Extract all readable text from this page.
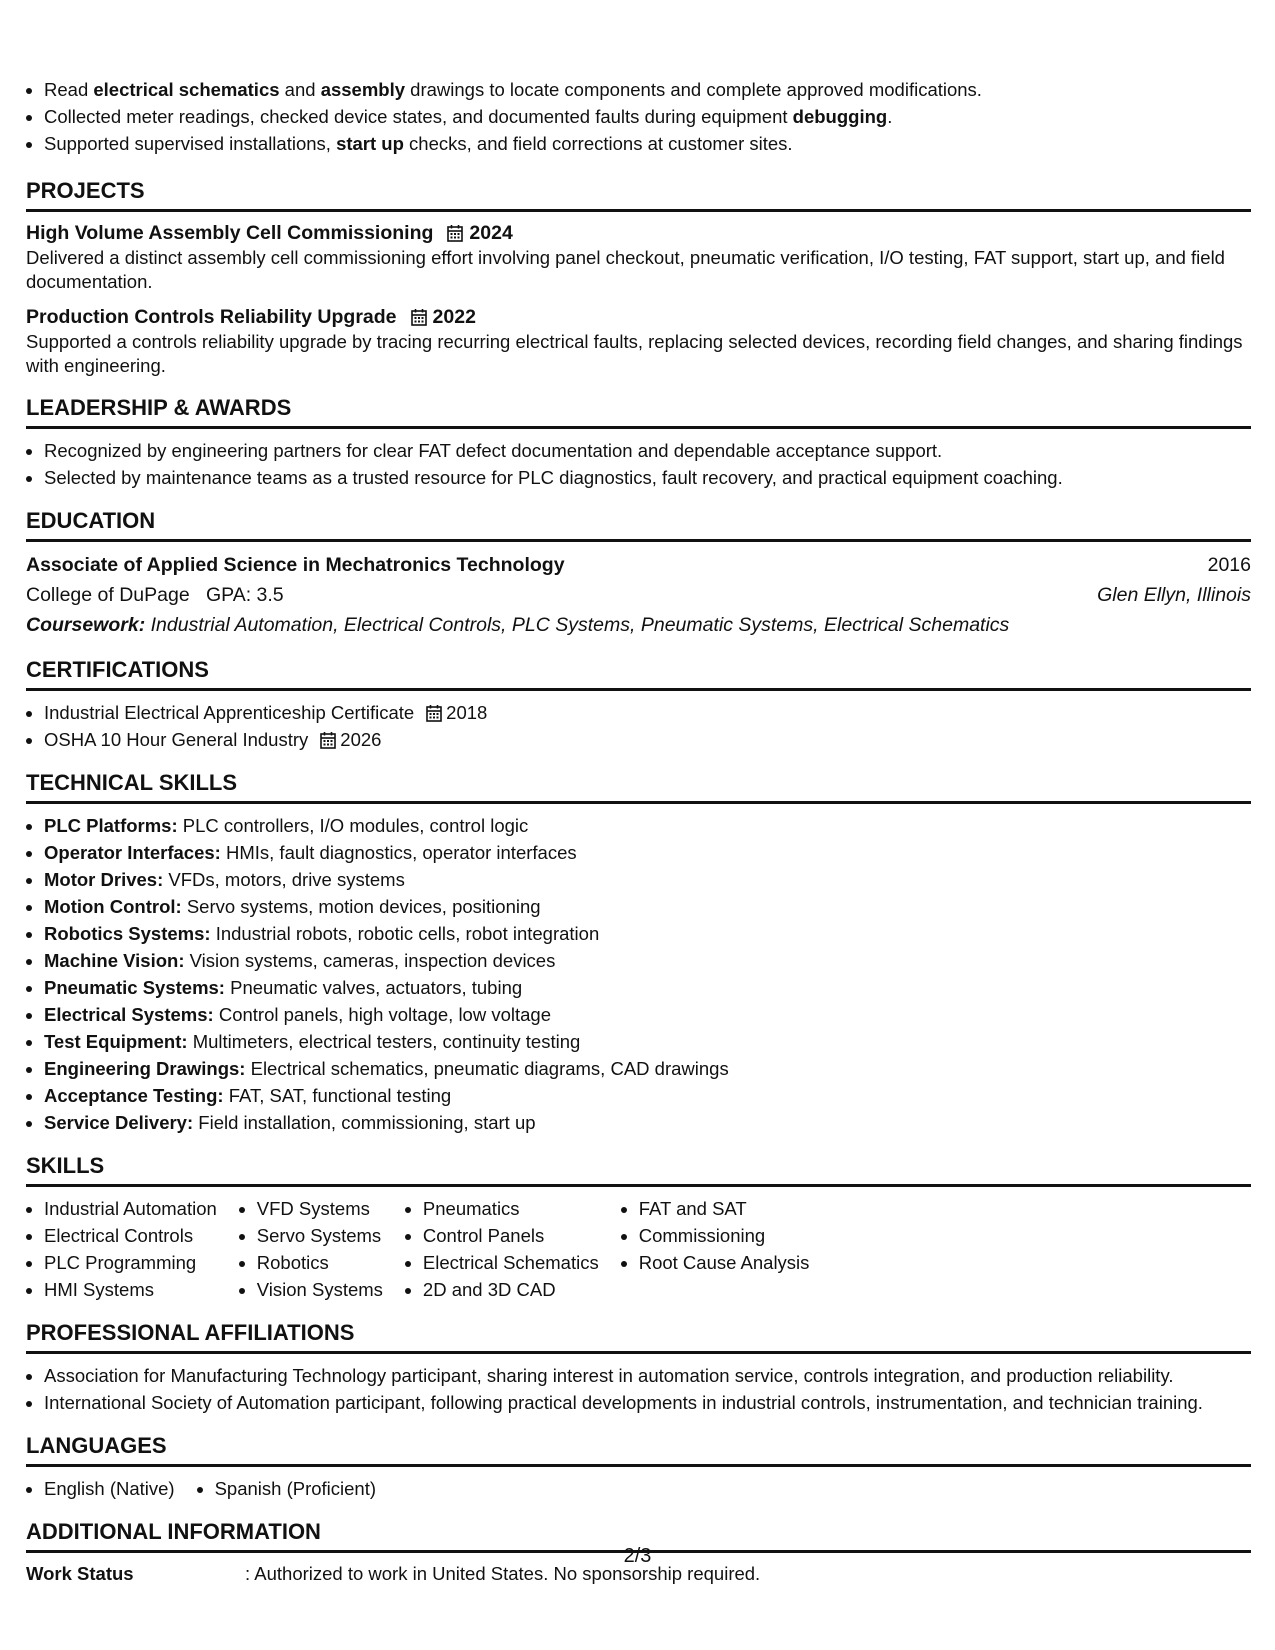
• Read electrical schematics and assembly drawings to locate components and complete approved modifications.
• Collected meter readings, checked device states, and documented faults during equipment debugging.
• Supported supervised installations, start up checks, and field corrections at customer sites.
PROJECTS
High Volume Assembly Cell Commissioning 2024
Delivered a distinct assembly cell commissioning effort involving panel checkout, pneumatic verification, I/O testing, FAT support, start up, and field documentation.
Production Controls Reliability Upgrade 2022
Supported a controls reliability upgrade by tracing recurring electrical faults, replacing selected devices, recording field changes, and sharing findings with engineering.
LEADERSHIP & AWARDS
• Recognized by engineering partners for clear FAT defect documentation and dependable acceptance support.
• Selected by maintenance teams as a trusted resource for PLC diagnostics, fault recovery, and practical equipment coaching.
EDUCATION
Associate of Applied Science in Mechatronics Technology	2016
College of DuPage GPA: 3.5	Glen Ellyn, Illinois
Coursework:
Industrial Automation, Electrical Controls, PLC Systems, Pneumatic Systems, Electrical Schematics
CERTIFICATIONS
• Industrial Electrical Apprenticeship Certificate 2018
• OSHA 10 Hour General Industry 2026
TECHNICAL SKILLS
• PLC Platforms: PLC controllers, I/O modules, control logic
• Operator Interfaces: HMIs, fault diagnostics, operator interfaces
• Motor Drives: VFDs, motors, drive systems
• Motion Control: Servo systems, motion devices, positioning
• Robotics Systems: Industrial robots, robotic cells, robot integration
• Machine Vision: Vision systems, cameras, inspection devices
• Pneumatic Systems: Pneumatic valves, actuators, tubing
• Electrical Systems: Control panels, high voltage, low voltage
• Test Equipment: Multimeters, electrical testers, continuity testing
• Engineering Drawings: Electrical schematics, pneumatic diagrams, CAD drawings
• Acceptance Testing: FAT, SAT, functional testing
• Service Delivery: Field installation, commissioning, start up
SKILLS
• Industrial Automation
• Electrical Controls
• PLC Programming
• HMI Systems
• VFD Systems
• Servo Systems
• Robotics
• Vision Systems
• Pneumatics
• Control Panels
• Electrical Schematics
• 2D and 3D CAD
• FAT and SAT
• Commissioning
• Root Cause Analysis
PROFESSIONAL AFFILIATIONS
• Association for Manufacturing Technology participant, sharing interest in automation service, controls integration, and production reliability.
• International Society of Automation participant, following practical developments in industrial controls, instrumentation, and technician training.
LANGUAGES
• English (Native)
• Spanish (Proficient)
ADDITIONAL INFORMATION
Work Status	: Authorized to work in United States. No sponsorship required.
2/3
